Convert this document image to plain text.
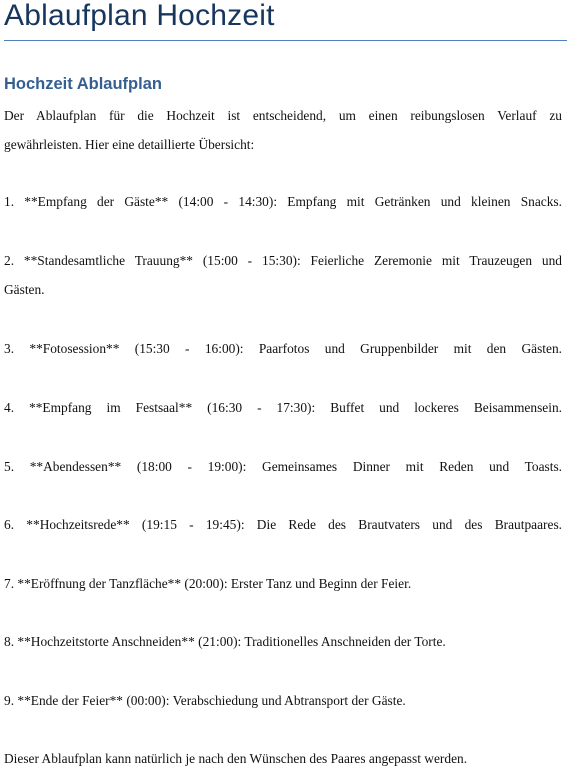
Ablaufplan Hochzeit
Hochzeit Ablaufplan

Der Ablaufplan für die Hochzeit ist entscheidend, um einen reibungslosen Verlauf zu
gewährleisten. Hier eine detaillierte Übersicht:

1. **Empfang der Gäste** (14:00 - 14:30): Empfang mit Getränken und kleinen Snacks.

2. **Standesamtliche Trauung** (15:00 - 15:30): Feierliche Zeremonie mit Trauzeugen und
Gästen.

3. **Fotosession** (15:30 - 16:00): Paarfotos und Gruppenbilder mit den Gästen.

4. **Empfang im Festsaal** (16:30 - 17:30): Buffet und lockeres Beisammensein.

5. **Abendessen** (18:00 - 19:00): Gemeinsames Dinner mit Reden und Toasts.

6. **Hochzeitsrede** (19:15 - 19:45): Die Rede des Brautvaters und des Brautpaares.

7. **Eröffnung der Tanzfläche** (20:00): Erster Tanz und Beginn der Feier.

8. **Hochzeitstorte Anschneiden** (21:00): Traditionelles Anschneiden der Torte.

9. **Ende der Feier** (00:00): Verabschiedung und Abtransport der Gäste.

Dieser Ablaufplan kann natürlich je nach den Wünschen des Paares angepasst werden.
